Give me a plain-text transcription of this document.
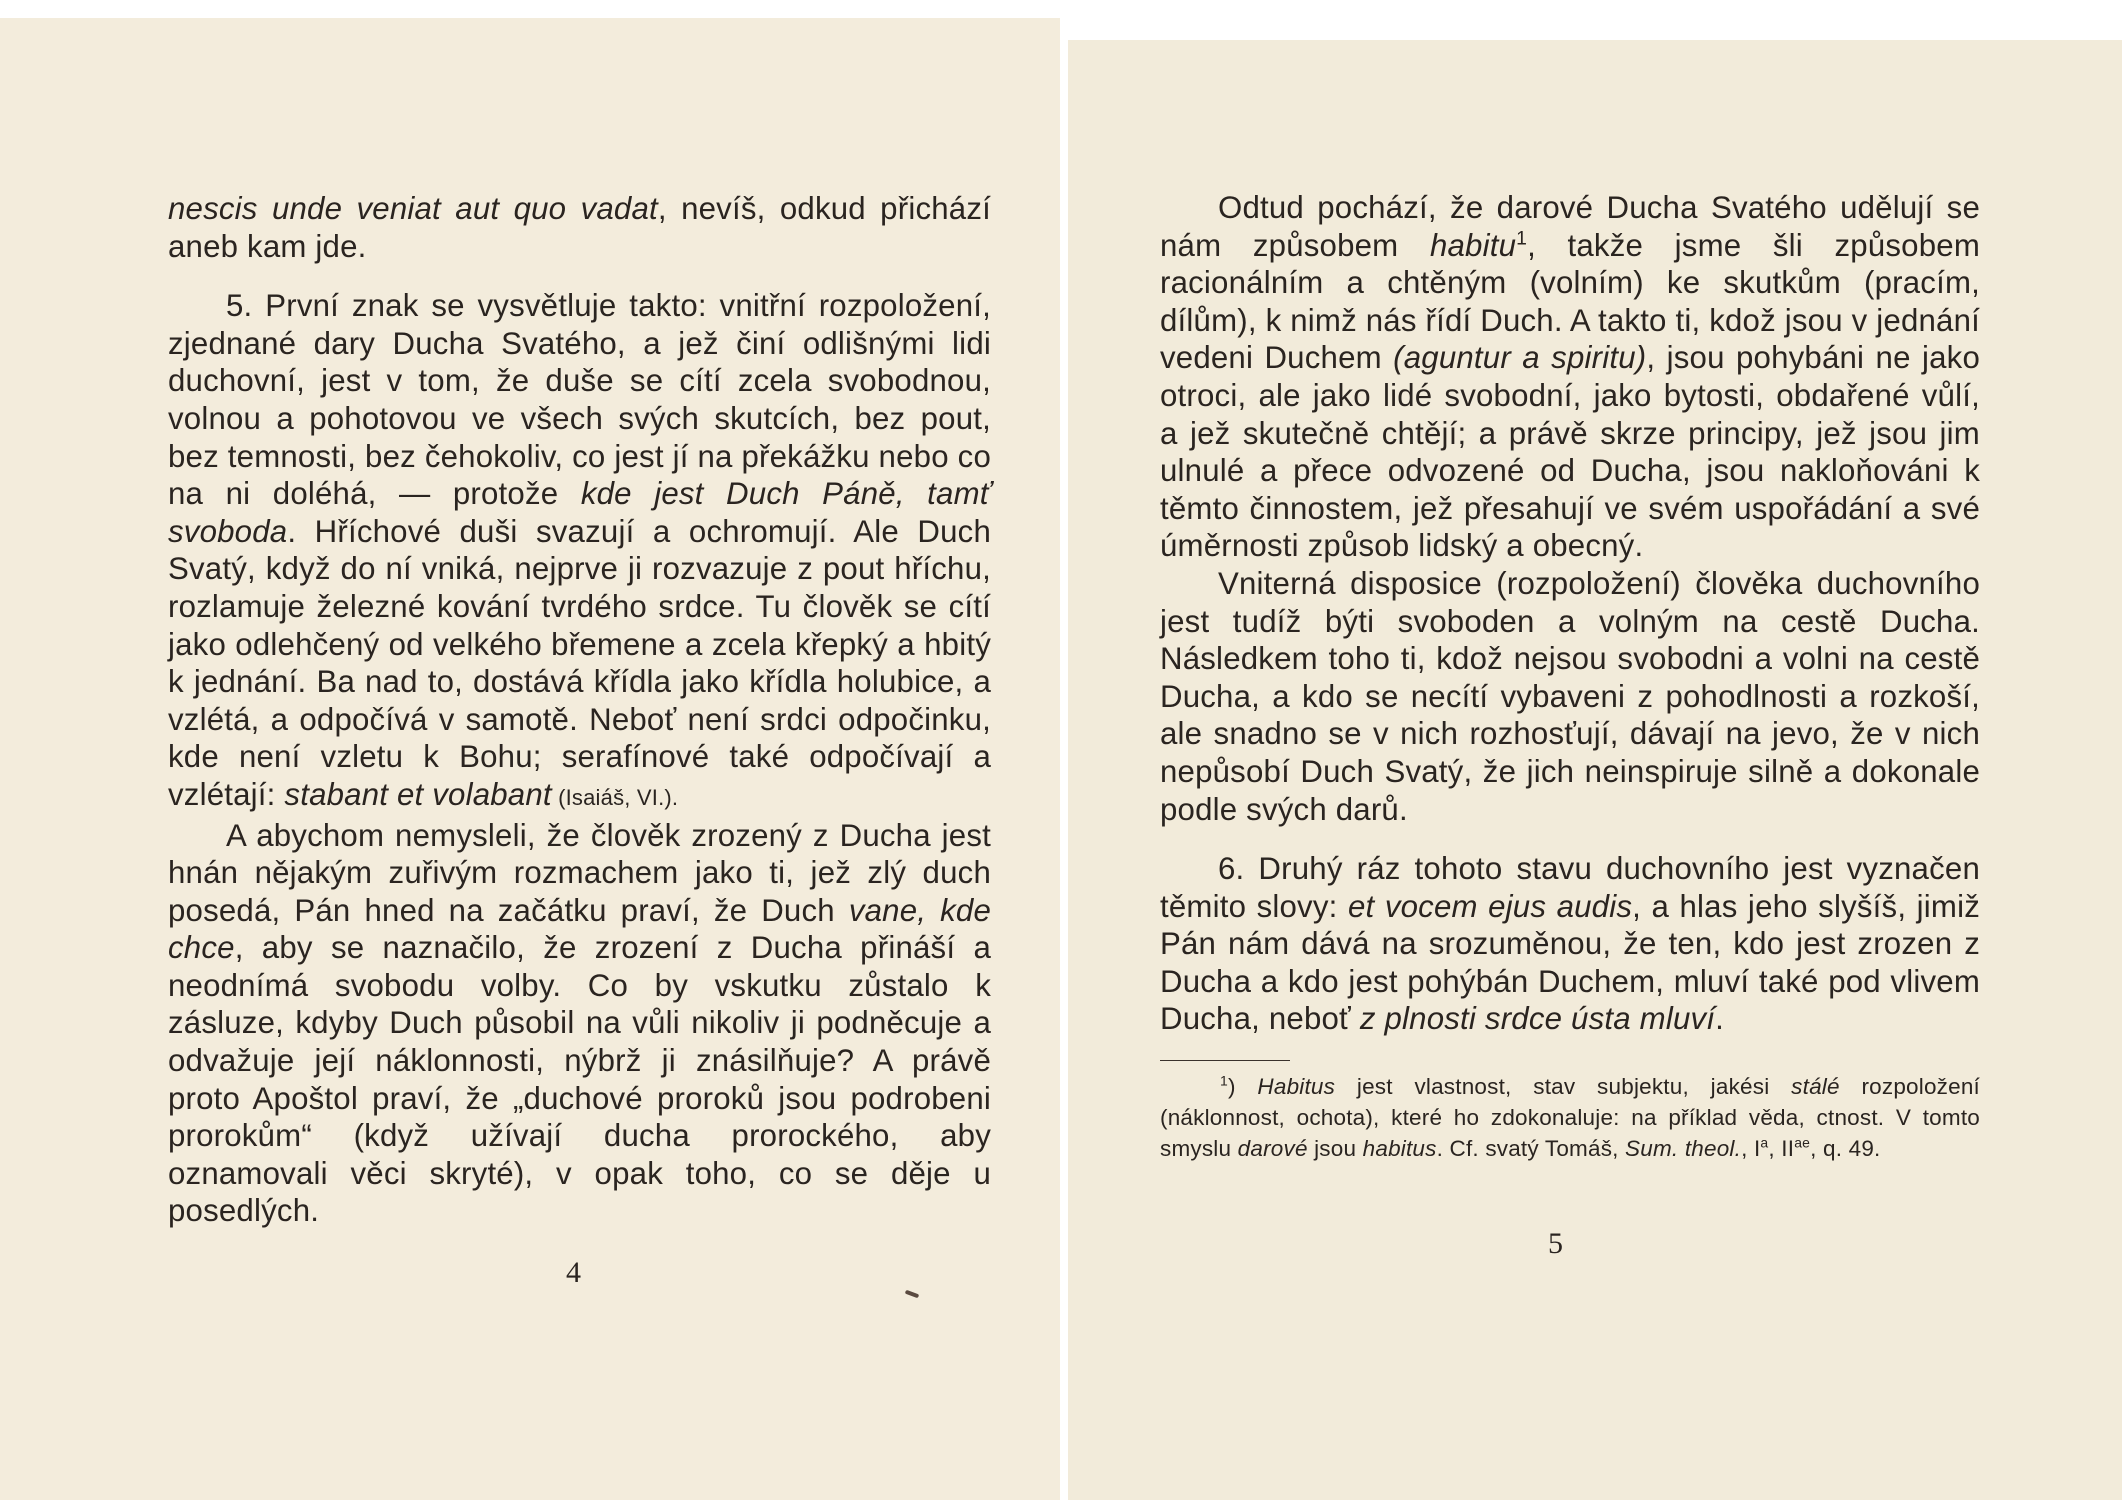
nescis unde veniat aut quo vadat, nevíš, odkud přichází aneb kam jde.

5. První znak se vysvětluje takto: vnitřní rozpoložení, zjednané dary Ducha Svatého, a jež činí odlišnými lidi duchovní, jest v tom, že duše se cítí zcela svobodnou, volnou a pohotovou ve všech svých skutcích, bez pout, bez temnosti, bez čehokoliv, co jest jí na překážku nebo co na ni doléhá, — protože kde jest Duch Páně, tamť svoboda. Hříchové duši svazují a ochromují. Ale Duch Svatý, když do ní vniká, nejprve ji rozvazuje z pout hříchu, rozlamuje železné kování tvrdého srdce. Tu člověk se cítí jako odlehčený od velkého břemene a zcela křepký a hbitý k jednání. Ba nad to, dostává křídla jako křídla holubice, a vzlétá, a odpočívá v samotě. Neboť není srdci odpočinku, kde není vzletu k Bohu; serafínové také odpočívají a vzlétají: stabant et volabant (Isaiáš, VI.).

A abychom nemysleli, že člověk zrozený z Ducha jest hnán nějakým zuřivým rozmachem jako ti, jež zlý duch posedá, Pán hned na začátku praví, že Duch vane, kde chce, aby se naznačilo, že zrození z Ducha přináší a neodnímá svobodu volby. Co by vskutku zůstalo k zásluze, kdyby Duch působil na vůli nikoliv ji podněcuje a odvažuje její náklonnosti, nýbrž ji znásilňuje? A právě proto Apoštol praví, že „duchové proroků jsou podrobeni prorokům“ (když užívají ducha prorockého, aby oznamovali věci skryté), v opak toho, co se děje u posedlých.

4

Odtud pochází, že darové Ducha Svatého udělují se nám způsobem habitu$^1$, takže jsme šli způsobem racionálním a chtěným (volním) ke skutkům (pracím, dílům), k nimž nás řídí Duch. A takto ti, kdož jsou v jednání vedeni Duchem (aguntur a spiritu), jsou pohybáni ne jako otroci, ale jako lidé svobodní, jako bytosti, obdařené vůlí, a jež skutečně chtějí; a právě skrze principy, jež jsou jim ulnulé a přece odvozené od Ducha, jsou nakloňováni k těmto činnostem, jež přesahují ve svém uspořádání a své úměrnosti způsob lidský a obecný.

Vniterná disposice (rozpoložení) člověka duchovního jest tudíž býti svoboden a volným na cestě Ducha. Následkem toho ti, kdož nejsou svobodni a volni na cestě Ducha, a kdo se necítí vybaveni z pohodlnosti a rozkoší, ale snadno se v nich rozhosťují, dávají na jevo, že v nich nepůsobí Duch Svatý, že jich neinspiruje silně a dokonale podle svých darů.

6. Druhý ráz tohoto stavu duchovního jest vyznačen těmito slovy: et vocem ejus audis, a hlas jeho slyšíš, jimiž Pán nám dává na srozuměnou, že ten, kdo jest zrozen z Ducha a kdo jest pohýbán Duchem, mluví také pod vlivem Ducha, neboť z plnosti srdce ústa mluví.

$^1$) Habitus jest vlastnost, stav subjektu, jakési stálé rozpoložení (náklonnost, ochota), které ho zdokonaluje: na příklad věda, ctnost. V tomto smyslu darové jsou habitus. Cf. svatý Tomáš, Sum. theol., $I^a$, $II^{ae}$, q. 49.

5
